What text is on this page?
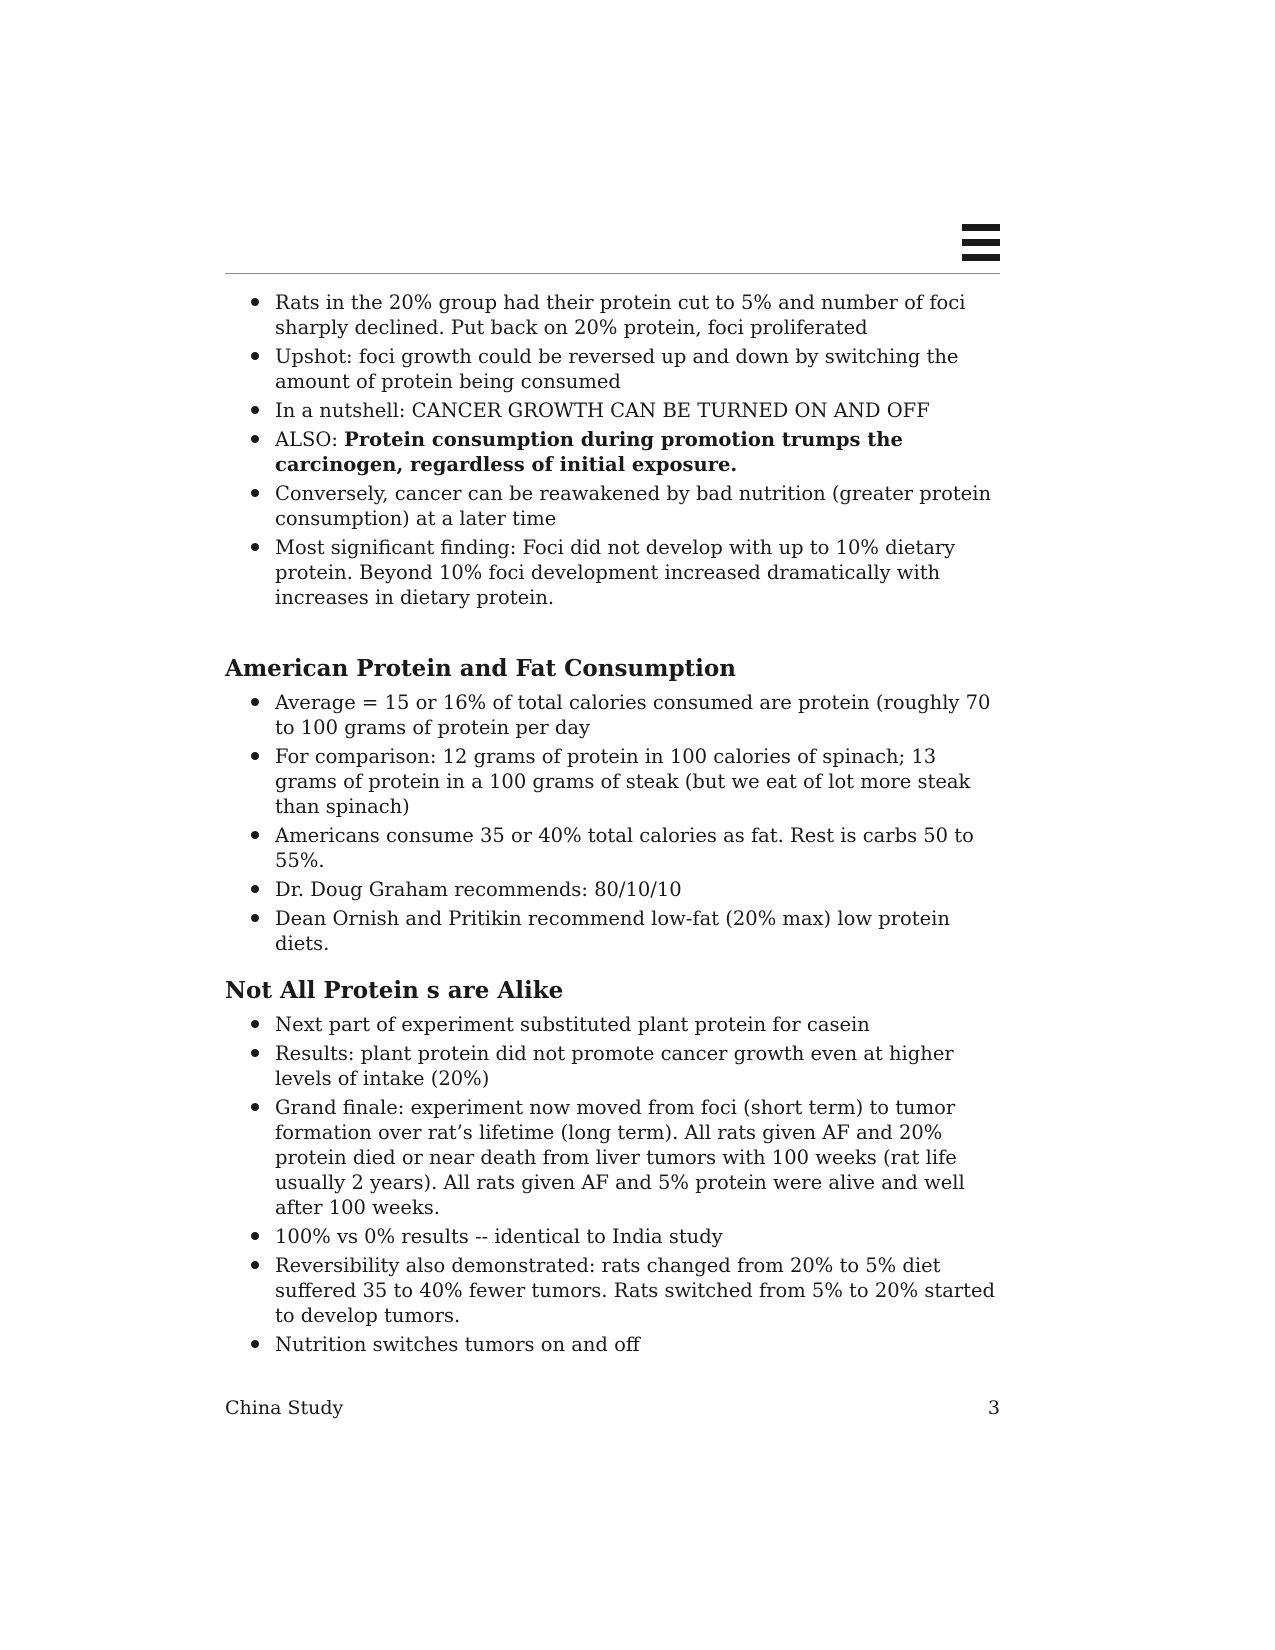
Rats in the 20% group had their protein cut to 5% and number of foci sharply declined. Put back on 20% protein, foci proliferated
Upshot: foci growth could be reversed up and down by switching the amount of protein being consumed
In a nutshell: CANCER GROWTH CAN BE TURNED ON AND OFF
ALSO: Protein consumption during promotion trumps the carcinogen, regardless of initial exposure.
Conversely, cancer can be reawakened by bad nutrition (greater protein consumption) at a later time
Most significant finding: Foci did not develop with up to 10% dietary protein. Beyond 10% foci development increased dramatically with increases in dietary protein.
American Protein and Fat Consumption
Average = 15 or 16% of total calories consumed are protein (roughly 70 to 100 grams of protein per day
For comparison: 12 grams of protein in 100 calories of spinach; 13 grams of protein in a 100 grams of steak (but we eat of lot more steak than spinach)
Americans consume 35 or 40% total calories as fat. Rest is carbs 50 to 55%.
Dr. Doug Graham recommends: 80/10/10
Dean Ornish and Pritikin recommend low-fat (20% max) low protein diets.
Not All Protein s are Alike
Next part of experiment substituted plant protein for casein
Results: plant protein did not promote cancer growth even at higher levels of intake (20%)
Grand finale: experiment now moved from foci (short term) to tumor formation over rat’s lifetime (long term). All rats given AF and 20% protein died or near death from liver tumors with 100 weeks (rat life usually 2 years). All rats given AF and 5% protein were alive and well after 100 weeks.
100% vs 0% results -- identical to India study
Reversibility also demonstrated: rats changed from 20% to 5% diet suffered 35 to 40% fewer tumors. Rats switched from 5% to 20% started to develop tumors.
Nutrition switches tumors on and off
China Study	3
